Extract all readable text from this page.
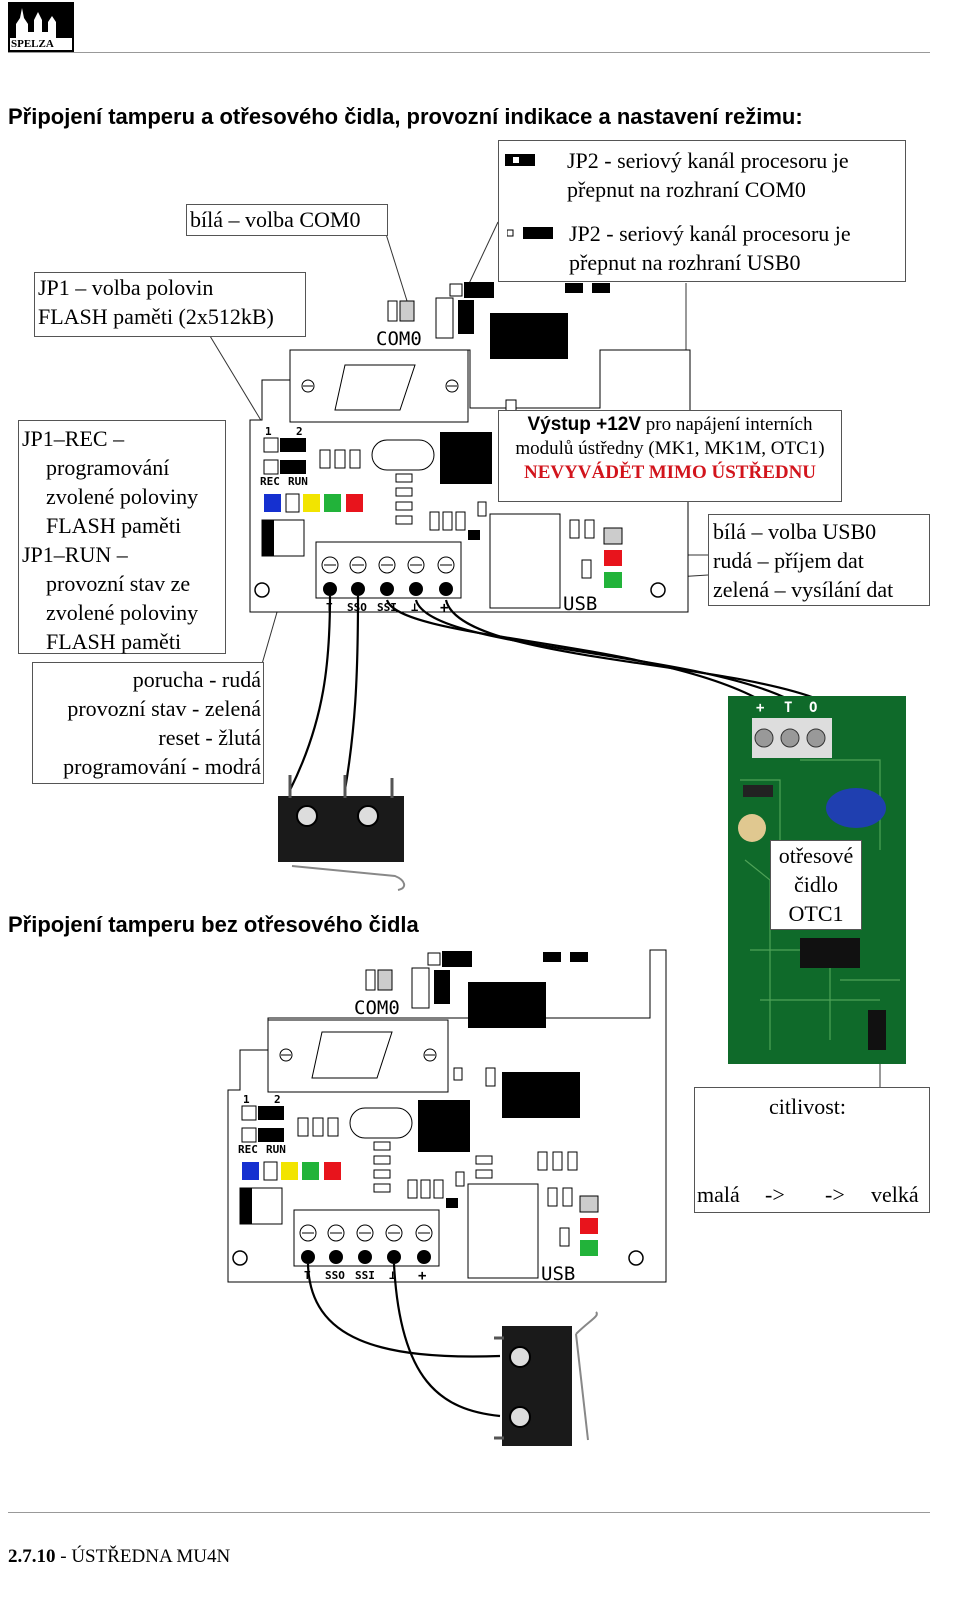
SPELZA
Připojení tamperu a otřesového čidla, provozní indikace a nastavení režimu:
COM0
USB
1 2
REC RUN
T SSO SSI ⊥ +
+ T O
COM0
USB
1 2
REC RUN
T SSO SSI ⊥ +
JP2 - seriový kanál procesoru je
přepnut na rozhraní COM0
JP2 - seriový kanál procesoru je
přepnut na rozhraní USB0
bílá – volba COM0
JP1 – volba polovin
FLASH paměti (2x512kB)
JP1–REC –
programování
zvolené poloviny
FLASH paměti
JP1–RUN –
provozní stav ze
zvolené poloviny
FLASH paměti
Výstup +12V pro napájení interních
modulů ústředny (MK1, MK1M, OTC1)
NEVYVÁDĚT MIMO ÚSTŘEDNU
bílá – volba USB0
rudá – příjem dat
zelená – vysílání dat
porucha - rudá
provozní stav - zelená
reset - žlutá
programování - modrá
otřesové
čidlo
OTC1
Připojení tamperu bez otřesového čidla
citlivost:
malá -> -> velká
2.7.10 - ÚSTŘEDNA MU4N
